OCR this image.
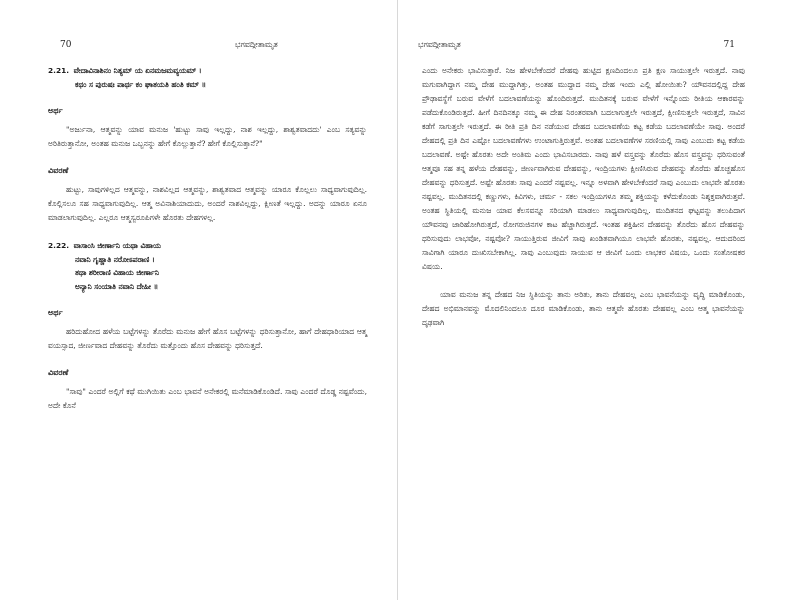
70	ಭಗವದ್ಗೀತಾಮೃತ
2.21. ವೇದಾವಿನಾಶಿನಂ ನಿತ್ಯಮ್ ಯ ಏನಮಜಮವ್ಯಯಮ್ ।
ಕಥಂ ಸ ಪುರುಷಃ ಪಾರ್ಥ ಕಂ ಘಾತಯತಿ ಹಂತಿ ಕಮ್ ॥
ಅರ್ಥ
"ಅರ್ಜುನಾ, ಆತ್ಮವನ್ನು ಯಾವ ಮನುಜ 'ಹುಟ್ಟು ಸಾವು ಇಲ್ಲದ್ದು, ನಾಶ ಇಲ್ಲದ್ದು, ಶಾಶ್ವತವಾದದು' ಎಂಬ ಸತ್ಯವನ್ನು ಅರಿತಿರುತ್ತಾನೋ, ಅಂತಹ ಮನುಜ ಒಬ್ಬನನ್ನು ಹೇಗೆ ಕೊಲ್ಲುತ್ತಾನೆ? ಹೇಗೆ ಕೊಲ್ಲಿಸುತ್ತಾನೆ?"
ವಿವರಣೆ
ಹುಟ್ಟು, ಸಾವುಗಳಿಲ್ಲದ ಆತ್ಮವನ್ನು, ನಾಶವಿಲ್ಲದ ಆತ್ಮವನ್ನು, ಶಾಶ್ವತವಾದ ಆತ್ಮವನ್ನು ಯಾರೂ ಕೊಲ್ಲಲು ಸಾಧ್ಯವಾಗುವುದಿಲ್ಲ. ಕೊಲ್ಲಿಸಲೂ ಸಹ ಸಾಧ್ಯವಾಗುವುದಿಲ್ಲ. ಆತ್ಮ ಅವಿನಾಶಿಯಾದುದು, ಅಂದರೆ ನಾಶವಿಲ್ಲದ್ದು, ಕ್ಷೀಣತೆ ಇಲ್ಲದ್ದು. ಅದನ್ನು ಯಾರೂ ಏನೂ ಮಾಡಲಾಗುವುದಿಲ್ಲ. ಎಲ್ಲರೂ ಆತ್ಮಸ್ವರೂಪಿಗಳೇ ಹೊರತು ದೇಹಗಳಲ್ಲ.
2.22. ವಾಸಾಂಸಿ ಜೀರ್ಣಾನಿ ಯಥಾ ವಿಹಾಯ
ನವಾನಿ ಗೃಹ್ಣಾತಿ ನರೋಽಪರಾಣಿ ।
ತಥಾ ಶರೀರಾಣಿ ವಿಹಾಯ ಜೀರ್ಣಾನಿ
ಅನ್ಯಾನಿ ಸಂಯಾತಿ ನವಾನಿ ದೇಹೀ ॥
ಅರ್ಥ
ಹರಿದುಹೋದ ಹಳೆಯ ಬಟ್ಟೆಗಳನ್ನು ತೊರೆದು ಮನುಜ ಹೇಗೆ ಹೊಸ ಬಟ್ಟೆಗಳನ್ನು ಧರಿಸುತ್ತಾನೋ, ಹಾಗೆ ದೇಹಧಾರಿಯಾದ ಆತ್ಮ ವಯಸ್ಸಾದ, ಜೀರ್ಣವಾದ ದೇಹವನ್ನು ತೊರೆದು ಮತ್ತೊಂದು ಹೊಸ ದೇಹವನ್ನು ಧರಿಸುತ್ತದೆ.
ವಿವರಣೆ
"ಸಾವು" ಎಂದರೆ ಅಲ್ಲಿಗೆ ಕಥೆ ಮುಗಿಯಿತು ಎಂಬ ಭಾವನೆ ಅನೇಕರಲ್ಲಿ ಮನೆಮಾಡಿಕೊಂಡಿದೆ. ಸಾವು ಎಂದರೆ ದೊಡ್ಡ ನಷ್ಟವೆಂದು, ಅದೇ ಕೊನೆ
ಭಗವದ್ಗೀತಾಮೃತ	71
ಎಂದು ಅನೇಕರು ಭಾವಿಸುತ್ತಾರೆ. ನಿಜ ಹೇಳಬೇಕೆಂದರೆ ದೇಹವು ಹುಟ್ಟಿದ ಕ್ಷಣದಿಂದಲೂ ಪ್ರತಿ ಕ್ಷಣ ಸಾಯುತ್ತಲೇ ಇರುತ್ತದೆ. ನಾವು ಮಗುವಾಗಿದ್ದಾಗ ನಮ್ಮ ದೇಹ ಮುದ್ದಾಗಿತ್ತು, ಅಂತಹ ಮುದ್ದಾದ ನಮ್ಮ ದೇಹ ಇಂದು ಎಲ್ಲಿ ಹೋಯಿತು? ಯೌವನದಲ್ಲಿದ್ದ ದೇಹ ಪ್ರೌಢಾವಸ್ಥೆಗೆ ಬರುವ ವೇಳೆಗೆ ಬದಲಾವಣೆಯನ್ನು ಹೊಂದಿರುತ್ತದೆ. ಮುದಿತನಕ್ಕೆ ಬರುವ ವೇಳೆಗೆ ಇನ್ನೊಂದು ರೀತಿಯ ಆಕಾರವನ್ನು ಪಡೆದುಕೊಂಡಿರುತ್ತದೆ. ಹೀಗೆ ದಿನದಿನಕ್ಕೂ ನಮ್ಮ ಈ ದೇಹ ನಿರಂತರವಾಗಿ ಬದಲಾಗುತ್ತಲೇ ಇರುತ್ತದೆ, ಕ್ಷೀಣಿಸುತ್ತಲೇ ಇರುತ್ತದೆ, ಸಾವಿನ ಕಡೆಗೆ ಸಾಗುತ್ತಲೇ ಇರುತ್ತದೆ. ಈ ರೀತಿ ಪ್ರತಿ ದಿನ ನಡೆಯುವ ದೇಹದ ಬದಲಾವಣೆಯ ಕಟ್ಟ ಕಡೆಯ ಬದಲಾವಣೆಯೇ ಸಾವು. ಅಂದರೆ ದೇಹದಲ್ಲಿ ಪ್ರತಿ ದಿನ ಎಷ್ಟೋ ಬದಲಾವಣೆಗಳು ಉಂಟಾಗುತ್ತಿರುತ್ತವೆ. ಅಂತಹ ಬದಲಾವಣೆಗಳ ಸರಣಿಯಲ್ಲಿ ಸಾವು ಎಂಬುದು ಕಟ್ಟ ಕಡೆಯ ಬದಲಾವಣೆ. ಅಷ್ಟೇ ಹೊರತು ಅದೇ ಅಂತಿಮ ಎಂದು ಭಾವಿಸಬಾರದು. ನಾವು ಹಳೆ ವಸ್ತ್ರವನ್ನು ತೊರೆದು ಹೊಸ ವಸ್ತ್ರವನ್ನು ಧರಿಸುವಂತೆ ಆತ್ಮವೂ ಸಹ ತನ್ನ ಹಳೆಯ ದೇಹವನ್ನು, ಜೀರ್ಣವಾಗಿರುವ ದೇಹವನ್ನು, ಇಂದ್ರಿಯಗಳು ಕ್ಷೀಣಿಸಿರುವ ದೇಹವನ್ನು ತೊರೆದು ಹೊಚ್ಚಹೊಸ ದೇಹವನ್ನು ಧರಿಸುತ್ತದೆ. ಅಷ್ಟೇ ಹೊರತು ಸಾವು ಎಂದರೆ ನಷ್ಟವಲ್ಲ. ಇನ್ನೂ ಅಳವಾಗಿ ಹೇಳಬೇಕೆಂದರೆ ಸಾವು ಎಂಬುದು ಲಾಭವೇ ಹೊರತು ನಷ್ಟವಲ್ಲ. ಮುದಿತನದಲ್ಲಿ ಕಣ್ಣುಗಳು, ಕಿವಿಗಳು, ಚರ್ಮ - ಸಕಲ ಇಂದ್ರಿಯಗಳೂ ತಮ್ಮ ಶಕ್ತಿಯನ್ನು ಕಳೆದುಕೊಂಡು ನಿಶ್ಶಕ್ತವಾಗಿರುತ್ತವೆ. ಅಂತಹ ಸ್ಥಿತಿಯಲ್ಲಿ ಮನುಜ ಯಾವ ಕೆಲಸವನ್ನೂ ಸರಿಯಾಗಿ ಮಾಡಲು ಸಾಧ್ಯವಾಗುವುದಿಲ್ಲ. ಮುದಿತನದ ಘಟ್ಟವನ್ನು ತಲುಪಿದಾಗ ಯೌವನವು ಜಾರಿಹೋಗಿರುತ್ತದೆ, ರೋಗರುಜಿನಗಳ ಕಾಟ ಹೆಚ್ಚಾಗಿರುತ್ತದೆ. ಇಂತಹ ಶಕ್ತಿಹೀನ ದೇಹವನ್ನು ತೊರೆದು ಹೊಸ ದೇಹವನ್ನು ಧರಿಸುವುದು ಲಾಭವೋ, ನಷ್ಟವೋ? ಸಾಯುತ್ತಿರುವ ಜೀವಿಗೆ ಸಾವು ಖಂಡಿತವಾಗಿಯೂ ಲಾಭವೇ ಹೊರತು, ನಷ್ಟವಲ್ಲ. ಆದುದರಿಂದ ಸಾವಿಗಾಗಿ ಯಾರೂ ದುಃಖಿಸಬೇಕಾಗಿಲ್ಲ. ಸಾವು ಎಂಬುವುದು ಸಾಯುವ ಆ ಜೀವಿಗೆ ಒಂದು ಲಾಭಕರ ವಿಷಯ, ಒಂದು ಸಂತೋಷಕರ ವಿಷಯ.
ಯಾವ ಮನುಜ ತನ್ನ ದೇಹದ ನಿಜ ಸ್ಥಿತಿಯನ್ನು ತಾನು ಅರಿತು, ತಾನು ದೇಹವಲ್ಲ ಎಂಬ ಭಾವನೆಯನ್ನು ವೃದ್ಧಿ ಮಾಡಿಕೊಂಡು, ದೇಹದ ಅಭಿಮಾನವನ್ನು ಮೊದಲಿನಿಂದಲೂ ದೂರ ಮಾಡಿಕೊಂಡು, ತಾನು ಆತ್ಮವೇ ಹೊರತು ದೇಹವಲ್ಲ ಎಂಬ ಆತ್ಮ ಭಾವನೆಯನ್ನು ದೃಢವಾಗಿ
